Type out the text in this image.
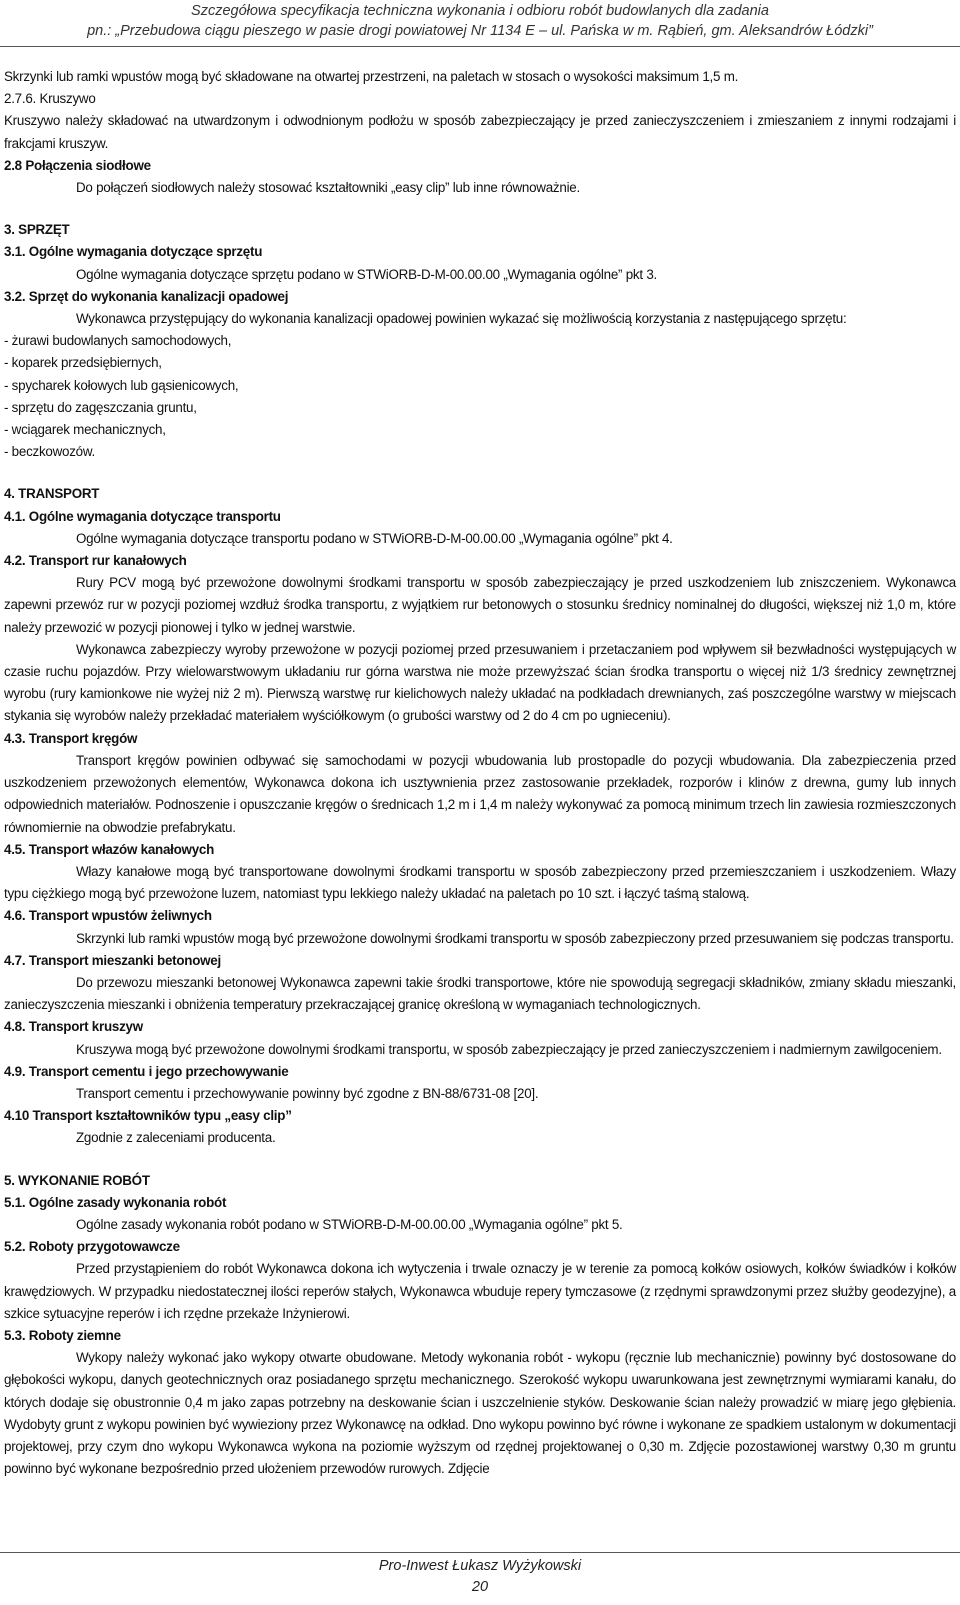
Szczegółowa specyfikacja techniczna wykonania i odbioru robót budowlanych dla zadania
pn.: „Przebudowa ciągu pieszego w pasie drogi powiatowej Nr 1134 E – ul. Pańska w m. Rąbień, gm. Aleksandrów Łódzki”

Skrzynki lub ramki wpustów mogą być składowane na otwartej przestrzeni, na paletach w stosach o wysokości maksimum 1,5 m.

2.7.6. Kruszywo

Kruszywo należy składować na utwardzonym i odwodnionym podłożu w sposób zabezpieczający je przed zanieczyszczeniem i zmieszaniem z innymi rodzajami i frakcjami kruszyw.

2.8 Połączenia siodłowe

Do połączeń siodłowych należy stosować kształtowniki „easy clip” lub inne równoważnie.

3. SPRZĘT

3.1. Ogólne wymagania dotyczące sprzętu

Ogólne wymagania dotyczące sprzętu podano w STWiORB-D-M-00.00.00 „Wymagania ogólne” pkt 3.

3.2. Sprzęt do wykonania kanalizacji opadowej

Wykonawca przystępujący do wykonania kanalizacji opadowej powinien wykazać się możliwością korzystania z następującego sprzętu:

- żurawi budowlanych samochodowych,

- koparek przedsiębiernych,

- spycharek kołowych lub gąsienicowych,

- sprzętu do zagęszczania gruntu,

- wciągarek mechanicznych,

- beczkowozów.

4. TRANSPORT

4.1. Ogólne wymagania dotyczące transportu

Ogólne wymagania dotyczące transportu podano w STWiORB-D-M-00.00.00 „Wymagania ogólne” pkt 4.

4.2. Transport rur kanałowych

Rury PCV mogą być przewożone dowolnymi środkami transportu w sposób zabezpieczający je przed uszkodzeniem lub zniszczeniem. Wykonawca zapewni przewóz rur w pozycji poziomej wzdłuż środka transportu, z wyjątkiem rur betonowych o stosunku średnicy nominalnej do długości, większej niż 1,0 m, które należy przewozić w pozycji pionowej i tylko w jednej warstwie.

Wykonawca zabezpieczy wyroby przewożone w pozycji poziomej przed przesuwaniem i przetaczaniem pod wpływem sił bezwładności występujących w czasie ruchu pojazdów. Przy wielowarstwowym układaniu rur górna warstwa nie może przewyższać ścian środka transportu o więcej niż 1/3 średnicy zewnętrznej wyrobu (rury kamionkowe nie wyżej niż 2 m). Pierwszą warstwę rur kielichowych należy układać na podkładach drewnianych, zaś poszczególne warstwy w miejscach stykania się wyrobów należy przekładać materiałem wyściółkowym (o grubości warstwy od 2 do 4 cm po ugnieceniu).

4.3. Transport kręgów

Transport kręgów powinien odbywać się samochodami w pozycji wbudowania lub prostopadle do pozycji wbudowania. Dla zabezpieczenia przed uszkodzeniem przewożonych elementów, Wykonawca dokona ich usztywnienia przez zastosowanie przekładek, rozporów i klinów z drewna, gumy lub innych odpowiednich materiałów. Podnoszenie i opuszczanie kręgów o średnicach 1,2 m i 1,4 m należy wykonywać za pomocą minimum trzech lin zawiesia rozmieszczonych równomiernie na obwodzie prefabrykatu.

4.5. Transport włazów kanałowych

Włazy kanałowe mogą być transportowane dowolnymi środkami transportu w sposób zabezpieczony przed przemieszczaniem i uszkodzeniem. Włazy typu ciężkiego mogą być przewożone luzem, natomiast typu lekkiego należy układać na paletach po 10 szt. i łączyć taśmą stalową.

4.6. Transport wpustów żeliwnych

Skrzynki lub ramki wpustów mogą być przewożone dowolnymi środkami transportu w sposób zabezpieczony przed przesuwaniem się podczas transportu.

4.7. Transport mieszanki betonowej

Do przewozu mieszanki betonowej Wykonawca zapewni takie środki transportowe, które nie spowodują segregacji składników, zmiany składu mieszanki, zanieczyszczenia mieszanki i obniżenia temperatury przekraczającej granicę określoną w wymaganiach technologicznych.

4.8. Transport kruszyw

Kruszywa mogą być przewożone dowolnymi środkami transportu, w sposób zabezpieczający je przed zanieczyszczeniem i nadmiernym zawilgoceniem.

4.9. Transport cementu i jego przechowywanie

Transport cementu i przechowywanie powinny być zgodne z BN-88/6731-08 [20].

4.10 Transport kształtowników typu „easy clip”

Zgodnie z zaleceniami producenta.

5. WYKONANIE ROBÓT

5.1. Ogólne zasady wykonania robót

Ogólne zasady wykonania robót podano w STWiORB-D-M-00.00.00 „Wymagania ogólne” pkt 5.

5.2. Roboty przygotowawcze

Przed przystąpieniem do robót Wykonawca dokona ich wytyczenia i trwale oznaczy je w terenie za pomocą kołków osiowych, kołków świadków i kołków krawędziowych. W przypadku niedostatecznej ilości reperów stałych, Wykonawca wbuduje repery tymczasowe (z rzędnymi sprawdzonymi przez służby geodezyjne), a szkice sytuacyjne reperów i ich rzędne przekaże Inżynierowi.

5.3. Roboty ziemne

Wykopy należy wykonać jako wykopy otwarte obudowane. Metody wykonania robót - wykopu (ręcznie lub mechanicznie) powinny być dostosowane do głębokości wykopu, danych geotechnicznych oraz posiadanego sprzętu mechanicznego. Szerokość wykopu uwarunkowana jest zewnętrznymi wymiarami kanału, do których dodaje się obustronnie 0,4 m jako zapas potrzebny na deskowanie ścian i uszczelnienie styków. Deskowanie ścian należy prowadzić w miarę jego głębienia. Wydobyty grunt z wykopu powinien być wywieziony przez Wykonawcę na odkład. Dno wykopu powinno być równe i wykonane ze spadkiem ustalonym w dokumentacji projektowej, przy czym dno wykopu Wykonawca wykona na poziomie wyższym od rzędnej projektowanej o 0,30 m. Zdjęcie pozostawionej warstwy 0,30 m gruntu powinno być wykonane bezpośrednio przed ułożeniem przewodów rurowych. Zdjęcie

Pro-Inwest Łukasz Wyżykowski
20
